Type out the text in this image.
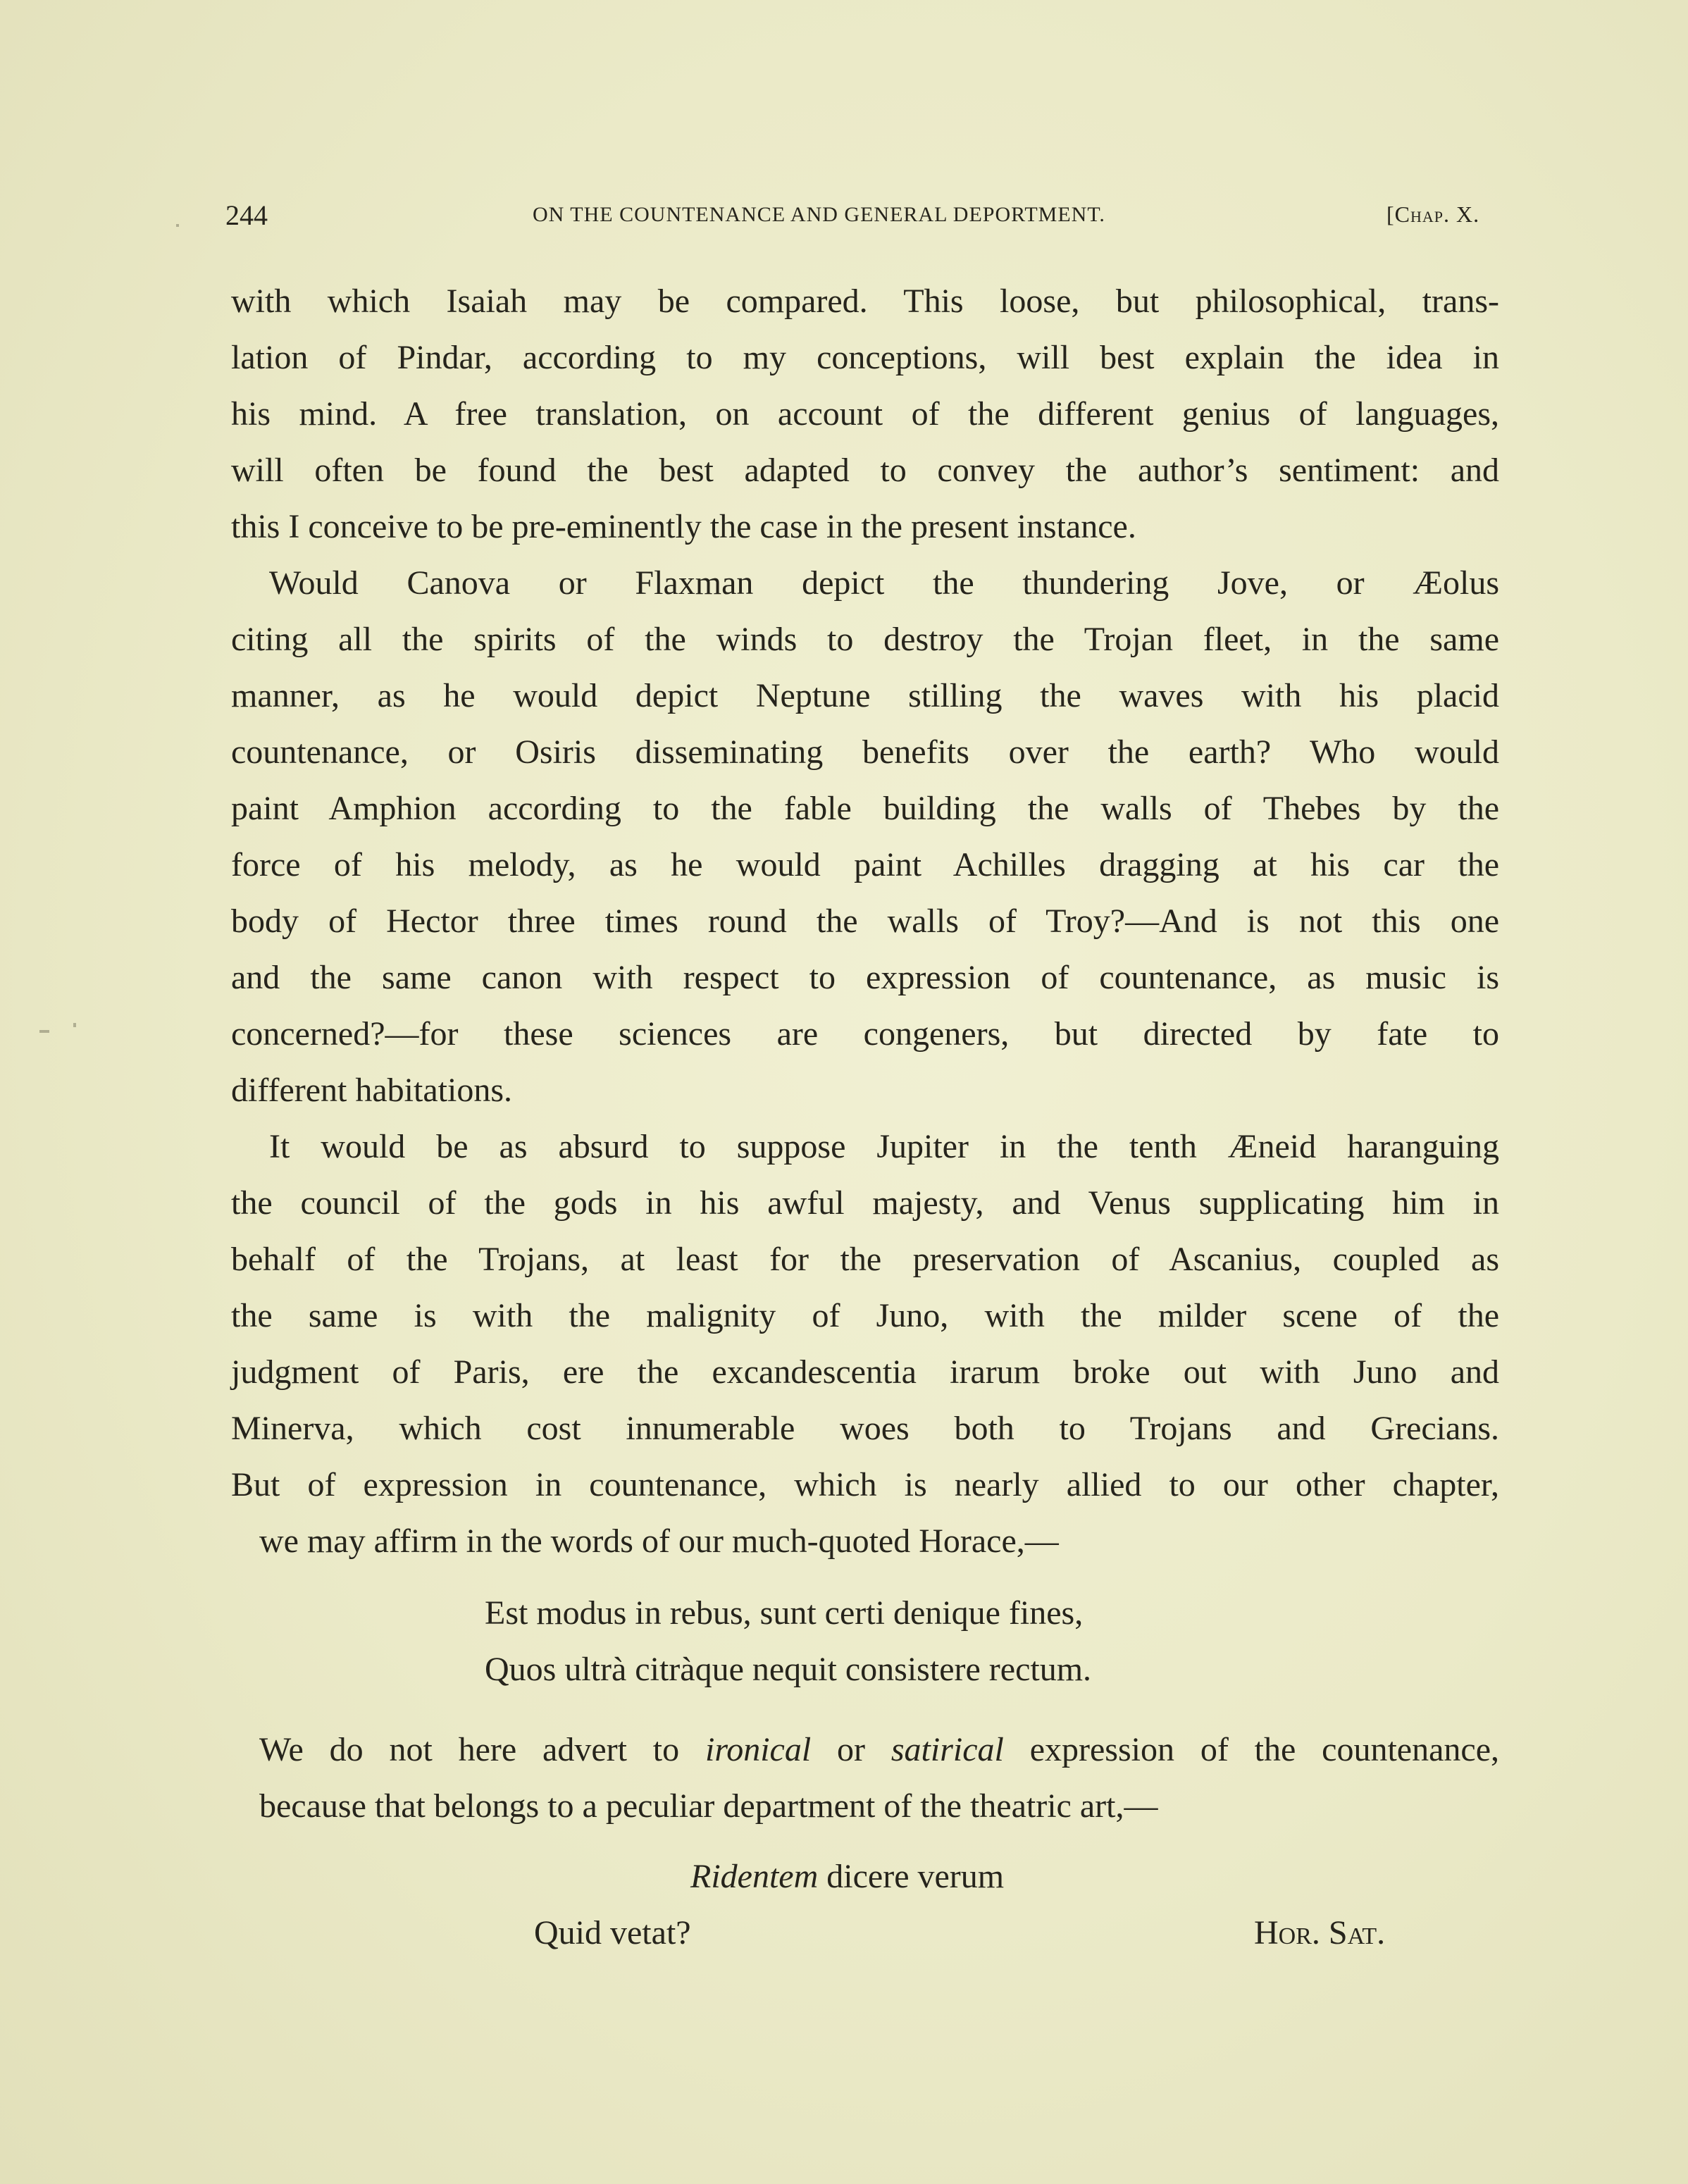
244	ON THE COUNTENANCE AND GENERAL DEPORTMENT.	[Chap. X.
with which Isaiah may be compared. This loose, but philosophical, trans-
lation of Pindar, according to my conceptions, will best explain the idea in
his mind. A free translation, on account of the different genius of languages,
will often be found the best adapted to convey the author’s sentiment: and
this I conceive to be pre-eminently the case in the present instance.
Would Canova or Flaxman depict the thundering Jove, or Æolus
citing all the spirits of the winds to destroy the Trojan fleet, in the same
manner, as he would depict Neptune stilling the waves with his placid
countenance, or Osiris disseminating benefits over the earth? Who would
paint Amphion according to the fable building the walls of Thebes by the
force of his melody, as he would paint Achilles dragging at his car the
body of Hector three times round the walls of Troy?—And is not this one
and the same canon with respect to expression of countenance, as music is
concerned?—for these sciences are congeners, but directed by fate to
different habitations.
It would be as absurd to suppose Jupiter in the tenth Æneid haranguing
the council of the gods in his awful majesty, and Venus supplicating him in
behalf of the Trojans, at least for the preservation of Ascanius, coupled as
the same is with the malignity of Juno, with the milder scene of the
judgment of Paris, ere the excandescentia irarum broke out with Juno and
Minerva, which cost innumerable woes both to Trojans and Grecians.
But of expression in countenance, which is nearly allied to our other chapter,
we may affirm in the words of our much-quoted Horace,—
Est modus in rebus, sunt certi denique fines,
Quos ultrà citràque nequit consistere rectum.
We do not here advert to ironical or satirical expression of the countenance,
because that belongs to a peculiar department of the theatric art,—
Ridentem dicere verum
Quid vetat?	Hor. Sat.
